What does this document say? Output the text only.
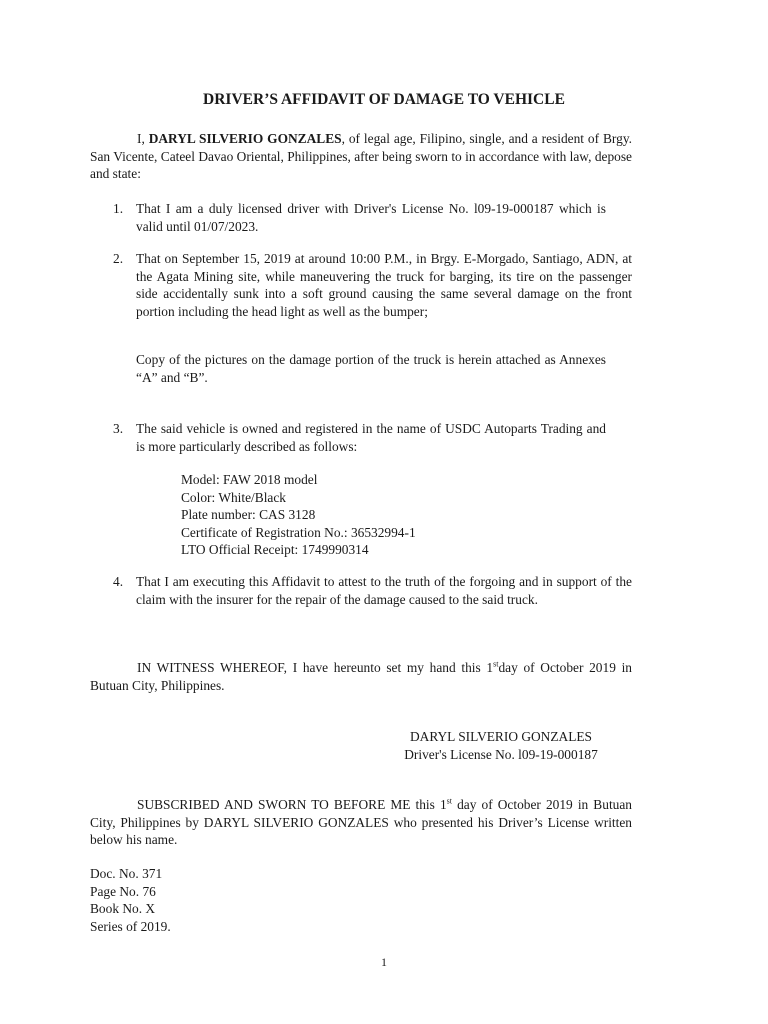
DRIVER’S AFFIDAVIT OF DAMAGE TO VEHICLE
I, DARYL SILVERIO GONZALES, of legal age, Filipino, single, and a resident of Brgy. San Vicente, Cateel Davao Oriental, Philippines, after being sworn to in accordance with law, depose and state:
1. That I am a duly licensed driver with Driver's License No. l09-19-000187 which is valid until 01/07/2023.
2. That on September 15, 2019 at around 10:00 P.M., in Brgy. E-Morgado, Santiago, ADN, at the Agata Mining site, while maneuvering the truck for barging, its tire on the passenger side accidentally sunk into a soft ground causing the same several damage on the front portion including the head light as well as the bumper;
Copy of the pictures on the damage portion of the truck is herein attached as Annexes “A” and “B”.
3. The said vehicle is owned and registered in the name of USDC Autoparts Trading and is more particularly described as follows:
Model: FAW 2018 model
Color: White/Black
Plate number: CAS 3128
Certificate of Registration No.: 36532994-1
LTO Official Receipt: 1749990314
4. That I am executing this Affidavit to attest to the truth of the forgoing and in support of the claim with the insurer for the repair of the damage caused to the said truck.
IN WITNESS WHEREOF, I have hereunto set my hand this 1stday of October 2019 in Butuan City, Philippines.
DARYL SILVERIO GONZALES
Driver's License No. l09-19-000187
SUBSCRIBED AND SWORN TO BEFORE ME this 1st day of October 2019 in Butuan City, Philippines by DARYL SILVERIO GONZALES who presented his Driver’s License written below his name.
Doc. No. 371
Page No. 76
Book No. X
Series of 2019.
1
